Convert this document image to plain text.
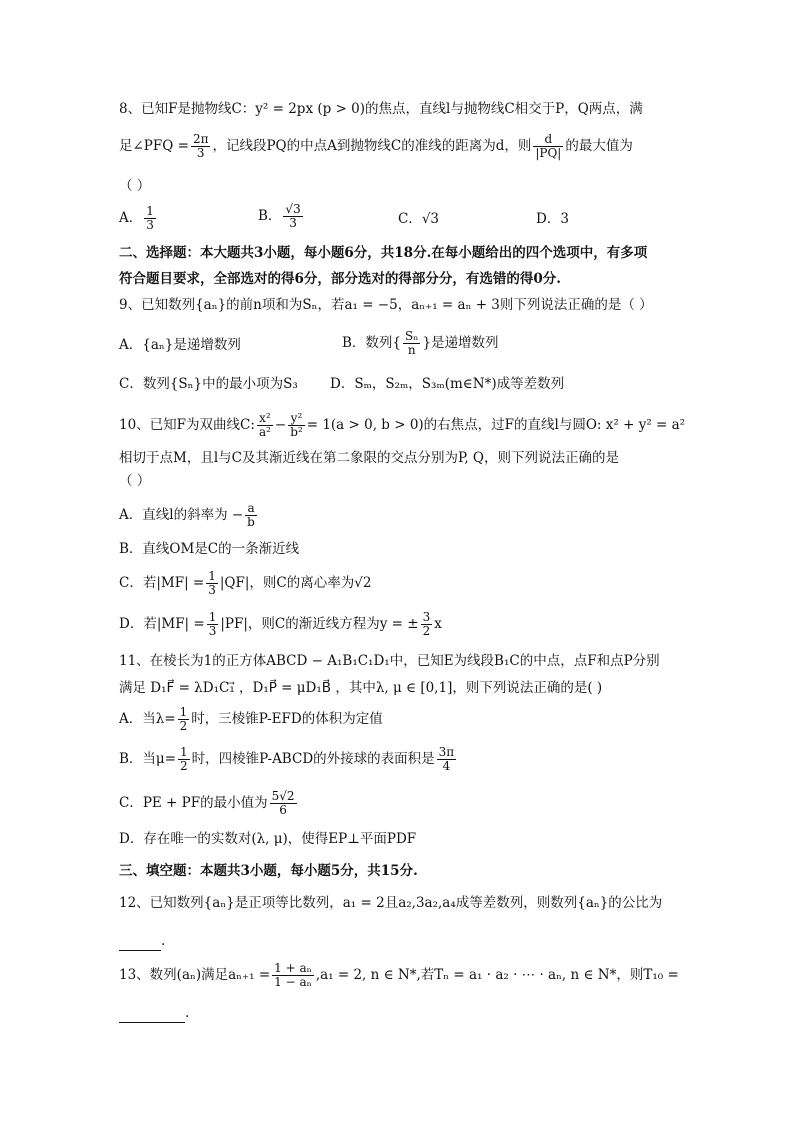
8、已知F是抛物线C：y² = 2px (p > 0)的焦点，直线l与抛物线C相交于P，Q两点，满
足∠PFQ = $\frac{2\pi}{3}$ ，记线段PQ的中点A到抛物线C的准线的距离为d，则 $\frac{d}{|PQ|}$ 的最大值为
（ ）
A． $\frac{1}{3}$	B． $\frac{√3}{3}$	C．√3	D．3
二、选择题：本大题共3小题，每小题6分，共18分.在每小题给出的四个选项中，有多项
符合题目要求，全部选对的得6分，部分选对的得部分分，有选错的得0分.
9、已知数列{aₙ}的前n项和为Sₙ，若a₁ = −5，aₙ₊₁ = aₙ + 3则下列说法正确的是（ ）
A．{aₙ}是递增数列	B．数列{ $\frac{\text{Sₙ}}{n}$ }是递增数列
C．数列{Sₙ}中的最小项为S₃ D．Sₘ，S₂ₘ，S₃ₘ(m∈N*)成等差数列
10、已知F为双曲线C: $\frac{\text{x²}}{\text{a²}} - \frac{\text{y²}}{\text{b²}} = 1(a > 0$, b > 0)的右焦点，过F的直线l与圆O: x² + y² = a²
相切于点M，且l与C及其渐近线在第二象限的交点分别为P, Q，则下列说法正确的是
（ ）
A．直线l的斜率为 − $\frac{a}{b}$
B．直线OM是C的一条渐近线
C．若$|MF| = \frac{1}{3} |QF|$，则C的离心率为√2
D．若$|MF| = \frac{1}{3} |PF|$，则C的渐近线方程为y = ± $\frac{3}{2}$ x
11、在棱长为1的正方体ABCD − A₁B₁C₁D₁中，已知E为线段B₁C的中点，点F和点P分别
满足 D₁F⃗ = λD₁C₁⃗ ，D₁P⃗ = μD₁B⃗ ，其中λ, μ ∈ [0,1]，则下列说法正确的是( )
A．当$\lambda= \frac{1}{2}$ 时，三棱锥P-EFD的体积为定值
B．当$\mu= \frac{1}{2}$ 时，四棱锥P-ABCD的外接球的表面积是 $\frac{3\pi}{4}$
C．PE + PF的最小值为 $\frac{5√2}{6}$
D．存在唯一的实数对(λ, μ)，使得EP⊥平面PDF
三、填空题：本题共3小题，每小题5分，共15分.
12、已知数列{aₙ}是正项等比数列，a₁ = 2且a₂,3a₂,a₄成等差数列，则数列{aₙ}的公比为
.
13、数列(aₙ)满足$a_{n+1} = \frac{\text{1 + aₙ}}{\text{1 − aₙ}} ,a_1 = 2$, n ∈ N*,若Tₙ = a₁ · a₂ · ⋯ · aₙ, n ∈ N*，则T₁₀ =
.
